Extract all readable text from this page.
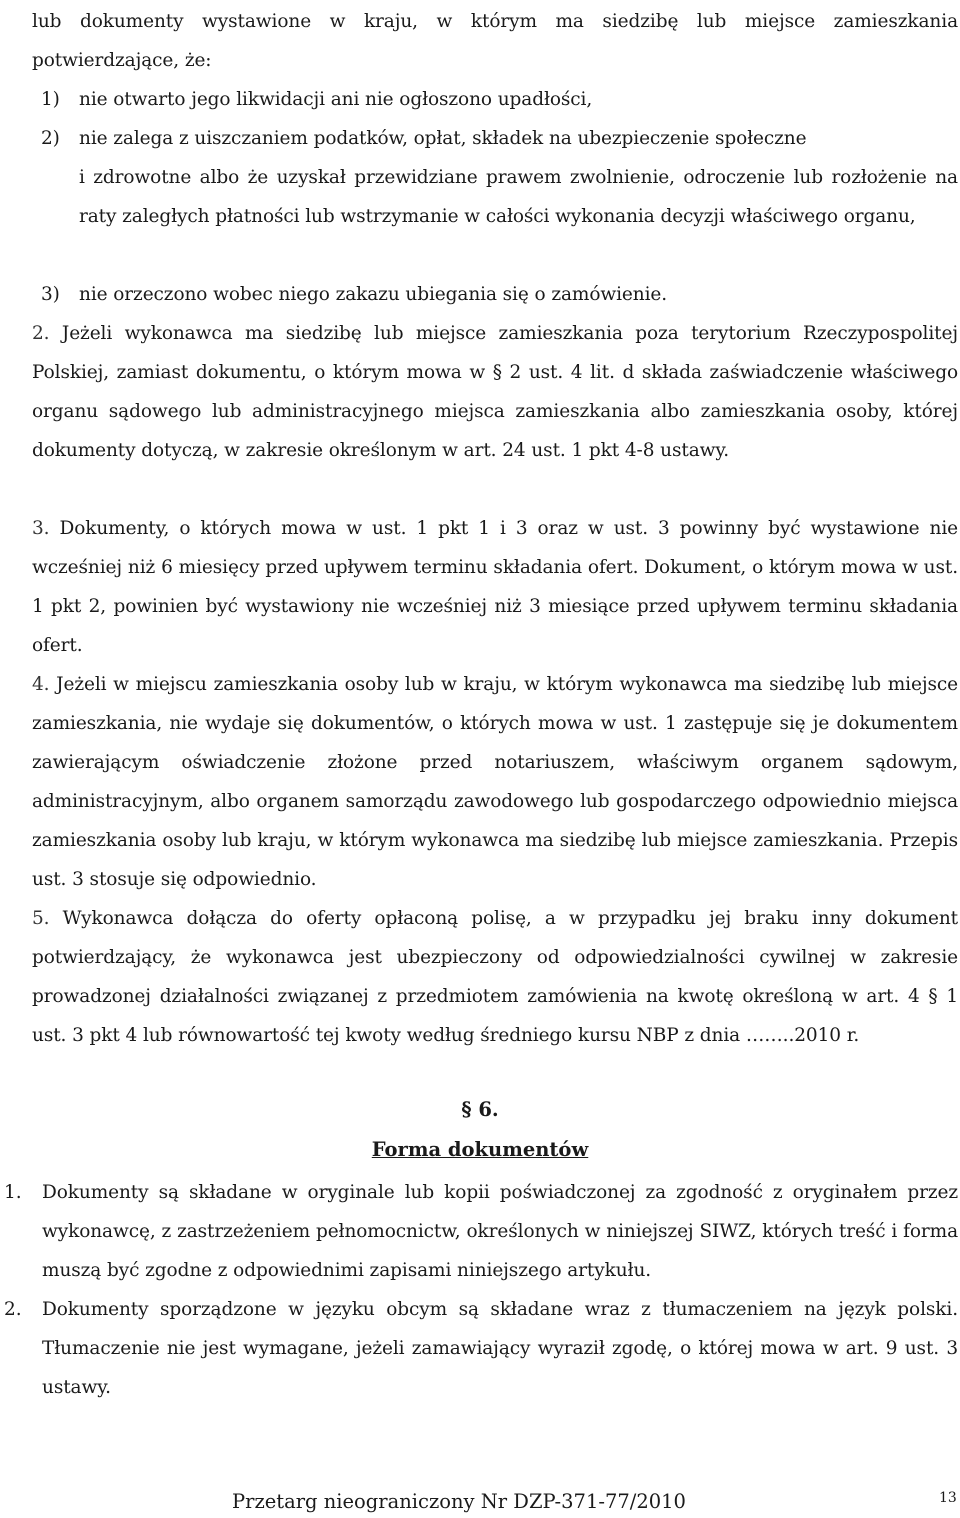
lub dokumenty wystawione w kraju, w którym ma siedzibę lub miejsce zamieszkania potwierdzające, że:

1) nie otwarto jego likwidacji ani nie ogłoszono upadłości,
2) nie zalega z uiszczaniem podatków, opłat, składek na ubezpieczenie społeczne

i zdrowotne albo że uzyskał przewidziane prawem zwolnienie, odroczenie lub rozłożenie na raty zaległych płatności lub wstrzymanie w całości wykonania decyzji właściwego organu,

3) nie orzeczono wobec niego zakazu ubiegania się o zamówienie.

2. Jeżeli wykonawca ma siedzibę lub miejsce zamieszkania poza terytorium Rzeczypospolitej Polskiej, zamiast dokumentu, o którym mowa w § 2 ust. 4 lit. d składa zaświadczenie właściwego organu sądowego lub administracyjnego miejsca zamieszkania albo zamieszkania osoby, której dokumenty dotyczą, w zakresie określonym w art. 24 ust. 1 pkt 4-8 ustawy.

3. Dokumenty, o których mowa w ust. 1 pkt 1 i 3 oraz w ust. 3 powinny być wystawione nie wcześniej niż 6 miesięcy przed upływem terminu składania ofert. Dokument, o którym mowa w ust. 1 pkt 2, powinien być wystawiony nie wcześniej niż 3 miesiące przed upływem terminu składania ofert.

4. Jeżeli w miejscu zamieszkania osoby lub w kraju, w którym wykonawca ma siedzibę lub miejsce zamieszkania, nie wydaje się dokumentów, o których mowa w ust. 1 zastępuje się je dokumentem zawierającym oświadczenie złożone przed notariuszem, właściwym organem sądowym, administracyjnym, albo organem samorządu zawodowego lub gospodarczego odpowiednio miejsca zamieszkania osoby lub kraju, w którym wykonawca ma siedzibę lub miejsce zamieszkania. Przepis ust. 3 stosuje się odpowiednio.

5. Wykonawca dołącza do oferty opłaconą polisę, a w przypadku jej braku inny dokument potwierdzający, że wykonawca jest ubezpieczony od odpowiedzialności cywilnej w zakresie prowadzonej działalności związanej z przedmiotem zamówienia na kwotę określoną w art. 4 § 1 ust. 3 pkt 4 lub równowartość tej kwoty według średniego kursu NBP z dnia ……..2010 r.

§ 6.
Forma dokumentów
1. Dokumenty są składane w oryginale lub kopii poświadczonej za zgodność z oryginałem przez wykonawcę, z zastrzeżeniem pełnomocnictw, określonych w niniejszej SIWZ, których treść i forma muszą być zgodne z odpowiednimi zapisami niniejszego artykułu.

2. Dokumenty sporządzone w języku obcym są składane wraz z tłumaczeniem na język polski. Tłumaczenie nie jest wymagane, jeżeli zamawiający wyraził zgodę, o której mowa w art. 9 ust. 3 ustawy.

Przetarg nieograniczony Nr DZP-371-77/2010	13
